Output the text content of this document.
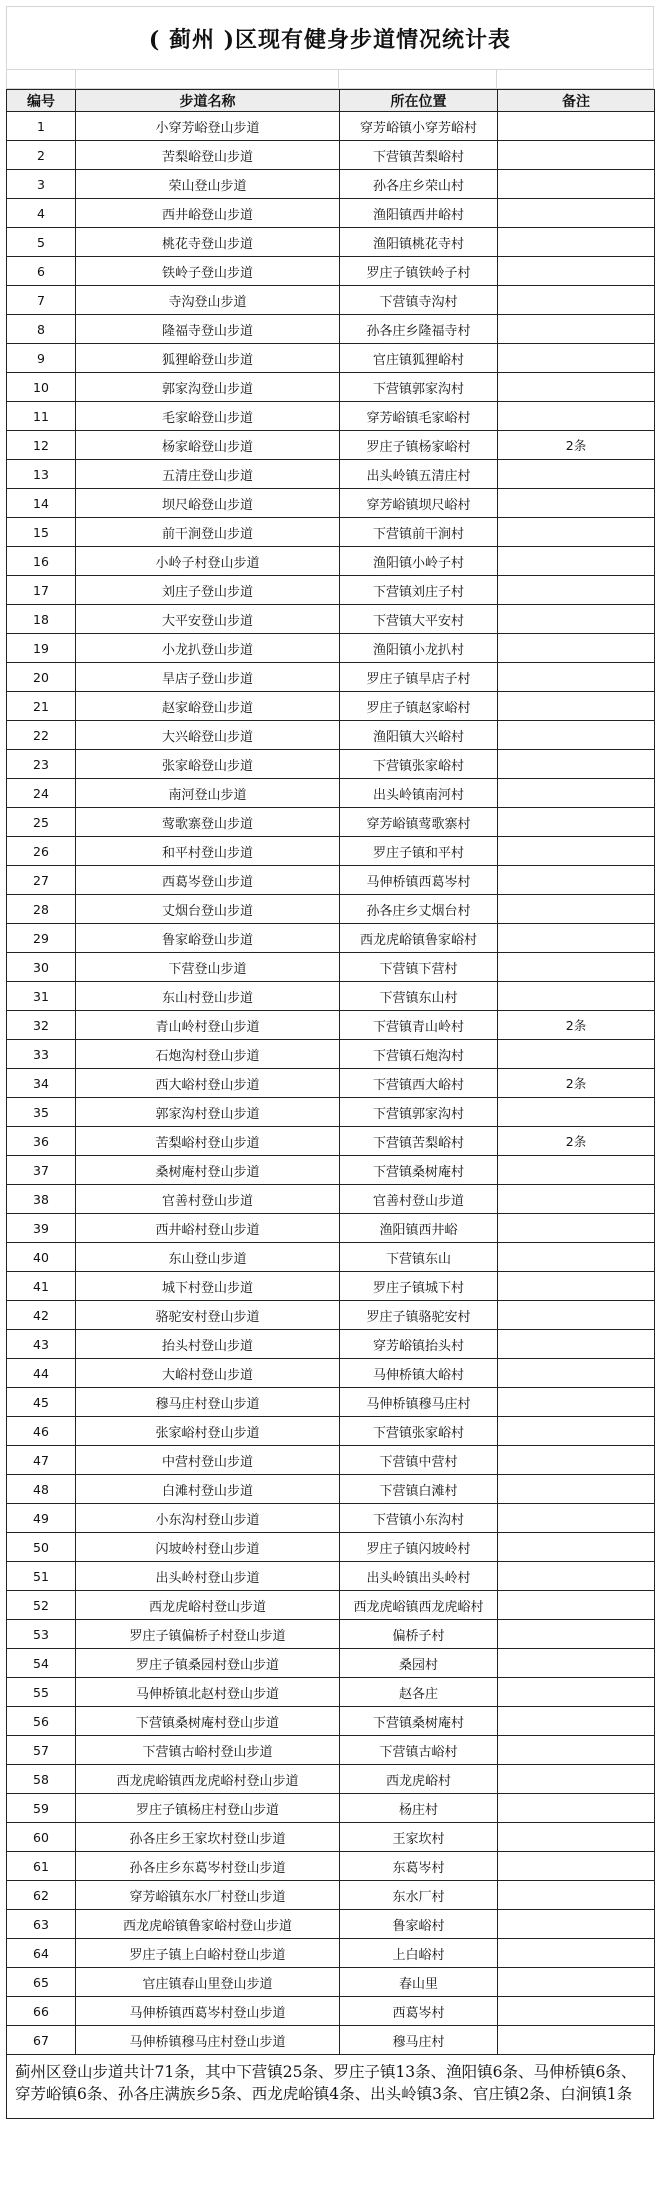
( 蓟州 )区现有健身步道情况统计表
编号	步道名称	所在位置	备注
1	小穿芳峪登山步道	穿芳峪镇小穿芳峪村	
2	苦梨峪登山步道	下营镇苦梨峪村	
3	荣山登山步道	孙各庄乡荣山村	
4	西井峪登山步道	渔阳镇西井峪村	
5	桃花寺登山步道	渔阳镇桃花寺村	
6	铁岭子登山步道	罗庄子镇铁岭子村	
7	寺沟登山步道	下营镇寺沟村	
8	隆福寺登山步道	孙各庄乡隆福寺村	
9	狐狸峪登山步道	官庄镇狐狸峪村	
10	郭家沟登山步道	下营镇郭家沟村	
11	毛家峪登山步道	穿芳峪镇毛家峪村	
12	杨家峪登山步道	罗庄子镇杨家峪村	2条
13	五清庄登山步道	出头岭镇五清庄村	
14	坝尺峪登山步道	穿芳峪镇坝尺峪村	
15	前干涧登山步道	下营镇前干涧村	
16	小岭子村登山步道	渔阳镇小岭子村	
17	刘庄子登山步道	下营镇刘庄子村	
18	大平安登山步道	下营镇大平安村	
19	小龙扒登山步道	渔阳镇小龙扒村	
20	旱店子登山步道	罗庄子镇旱店子村	
21	赵家峪登山步道	罗庄子镇赵家峪村	
22	大兴峪登山步道	渔阳镇大兴峪村	
23	张家峪登山步道	下营镇张家峪村	
24	南河登山步道	出头岭镇南河村	
25	莺歌寨登山步道	穿芳峪镇莺歌寨村	
26	和平村登山步道	罗庄子镇和平村	
27	西葛岑登山步道	马伸桥镇西葛岑村	
28	丈烟台登山步道	孙各庄乡丈烟台村	
29	鲁家峪登山步道	西龙虎峪镇鲁家峪村	
30	下营登山步道	下营镇下营村	
31	东山村登山步道	下营镇东山村	
32	青山岭村登山步道	下营镇青山岭村	2条
33	石炮沟村登山步道	下营镇石炮沟村	
34	西大峪村登山步道	下营镇西大峪村	2条
35	郭家沟村登山步道	下营镇郭家沟村	
36	苦梨峪村登山步道	下营镇苦梨峪村	2条
37	桑树庵村登山步道	下营镇桑树庵村	
38	官善村登山步道	官善村登山步道	
39	西井峪村登山步道	渔阳镇西井峪	
40	东山登山步道	下营镇东山	
41	城下村登山步道	罗庄子镇城下村	
42	骆驼安村登山步道	罗庄子镇骆驼安村	
43	抬头村登山步道	穿芳峪镇抬头村	
44	大峪村登山步道	马伸桥镇大峪村	
45	穆马庄村登山步道	马伸桥镇穆马庄村	
46	张家峪村登山步道	下营镇张家峪村	
47	中营村登山步道	下营镇中营村	
48	白滩村登山步道	下营镇白滩村	
49	小东沟村登山步道	下营镇小东沟村	
50	闪坡岭村登山步道	罗庄子镇闪坡岭村	
51	出头岭村登山步道	出头岭镇出头岭村	
52	西龙虎峪村登山步道	西龙虎峪镇西龙虎峪村	
53	罗庄子镇偏桥子村登山步道	偏桥子村	
54	罗庄子镇桑园村登山步道	桑园村	
55	马伸桥镇北赵村登山步道	赵各庄	
56	下营镇桑树庵村登山步道	下营镇桑树庵村	
57	下营镇古峪村登山步道	下营镇古峪村	
58	西龙虎峪镇西龙虎峪村登山步道	西龙虎峪村	
59	罗庄子镇杨庄村登山步道	杨庄村	
60	孙各庄乡王家坎村登山步道	王家坎村	
61	孙各庄乡东葛岑村登山步道	东葛岑村	
62	穿芳峪镇东水厂村登山步道	东水厂村	
63	西龙虎峪镇鲁家峪村登山步道	鲁家峪村	
64	罗庄子镇上白峪村登山步道	上白峪村	
65	官庄镇春山里登山步道	春山里	
66	马伸桥镇西葛岑村登山步道	西葛岑村	
67	马伸桥镇穆马庄村登山步道	穆马庄村	
蓟州区登山步道共计71条，其中下营镇25条、罗庄子镇13条、渔阳镇6条、马伸桥镇6条、穿芳峪镇6条、孙各庄满族乡5条、西龙虎峪镇4条、出头岭镇3条、官庄镇2条、白涧镇1条
